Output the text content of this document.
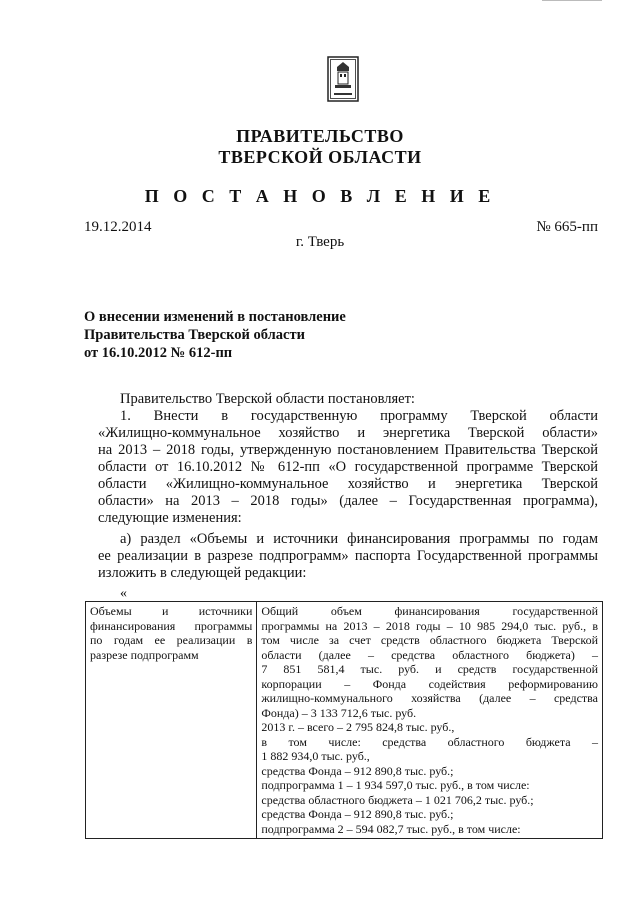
ПРАВИТЕЛЬСТВО
ТВЕРСКОЙ ОБЛАСТИ
П О С Т А Н О В Л Е Н И Е
19.12.2014	№ 665-пп
г. Тверь
О внесении изменений в постановление
Правительства Тверской области
от 16.10.2012 № 612-пп
Правительство Тверской области постановляет:
1. Внести в государственную программу Тверской области
«Жилищно-коммунальное хозяйство и энергетика Тверской области»
на 2013 – 2018 годы, утвержденную постановлением Правительства Тверской
области от 16.10.2012 № 612-пп «О государственной программе Тверской
области «Жилищно-коммунальное хозяйство и энергетика Тверской
области» на 2013 – 2018 годы» (далее – Государственная программа),
следующие изменения:
а) раздел «Объемы и источники финансирования программы по годам
ее реализации в разрезе подпрограмм» паспорта Государственной программы
изложить в следующей редакции:
«
Объемы и источники
финансирования программы
по годам ее реализации в
разрезе подпрограмм

Общий объем финансирования государственной
программы на 2013 – 2018 годы – 10 985 294,0 тыс. руб., в
том числе за счет средств областного бюджета Тверской
области (далее – средства областного бюджета) –
7 851 581,4 тыс. руб. и средств государственной
корпорации – Фонда содействия реформированию
жилищно-коммунального хозяйства (далее – средства
Фонда) – 3 133 712,6 тыс. руб.
2013 г. – всего – 2 795 824,8 тыс. руб.,
в том числе: средства областного бюджета –
1 882 934,0 тыс. руб.,
средства Фонда – 912 890,8 тыс. руб.;
подпрограмма 1 – 1 934 597,0 тыс. руб., в том числе:
средства областного бюджета – 1 021 706,2 тыс. руб.;
средства Фонда – 912 890,8 тыс. руб.;
подпрограмма 2 – 594 082,7 тыс. руб., в том числе:
